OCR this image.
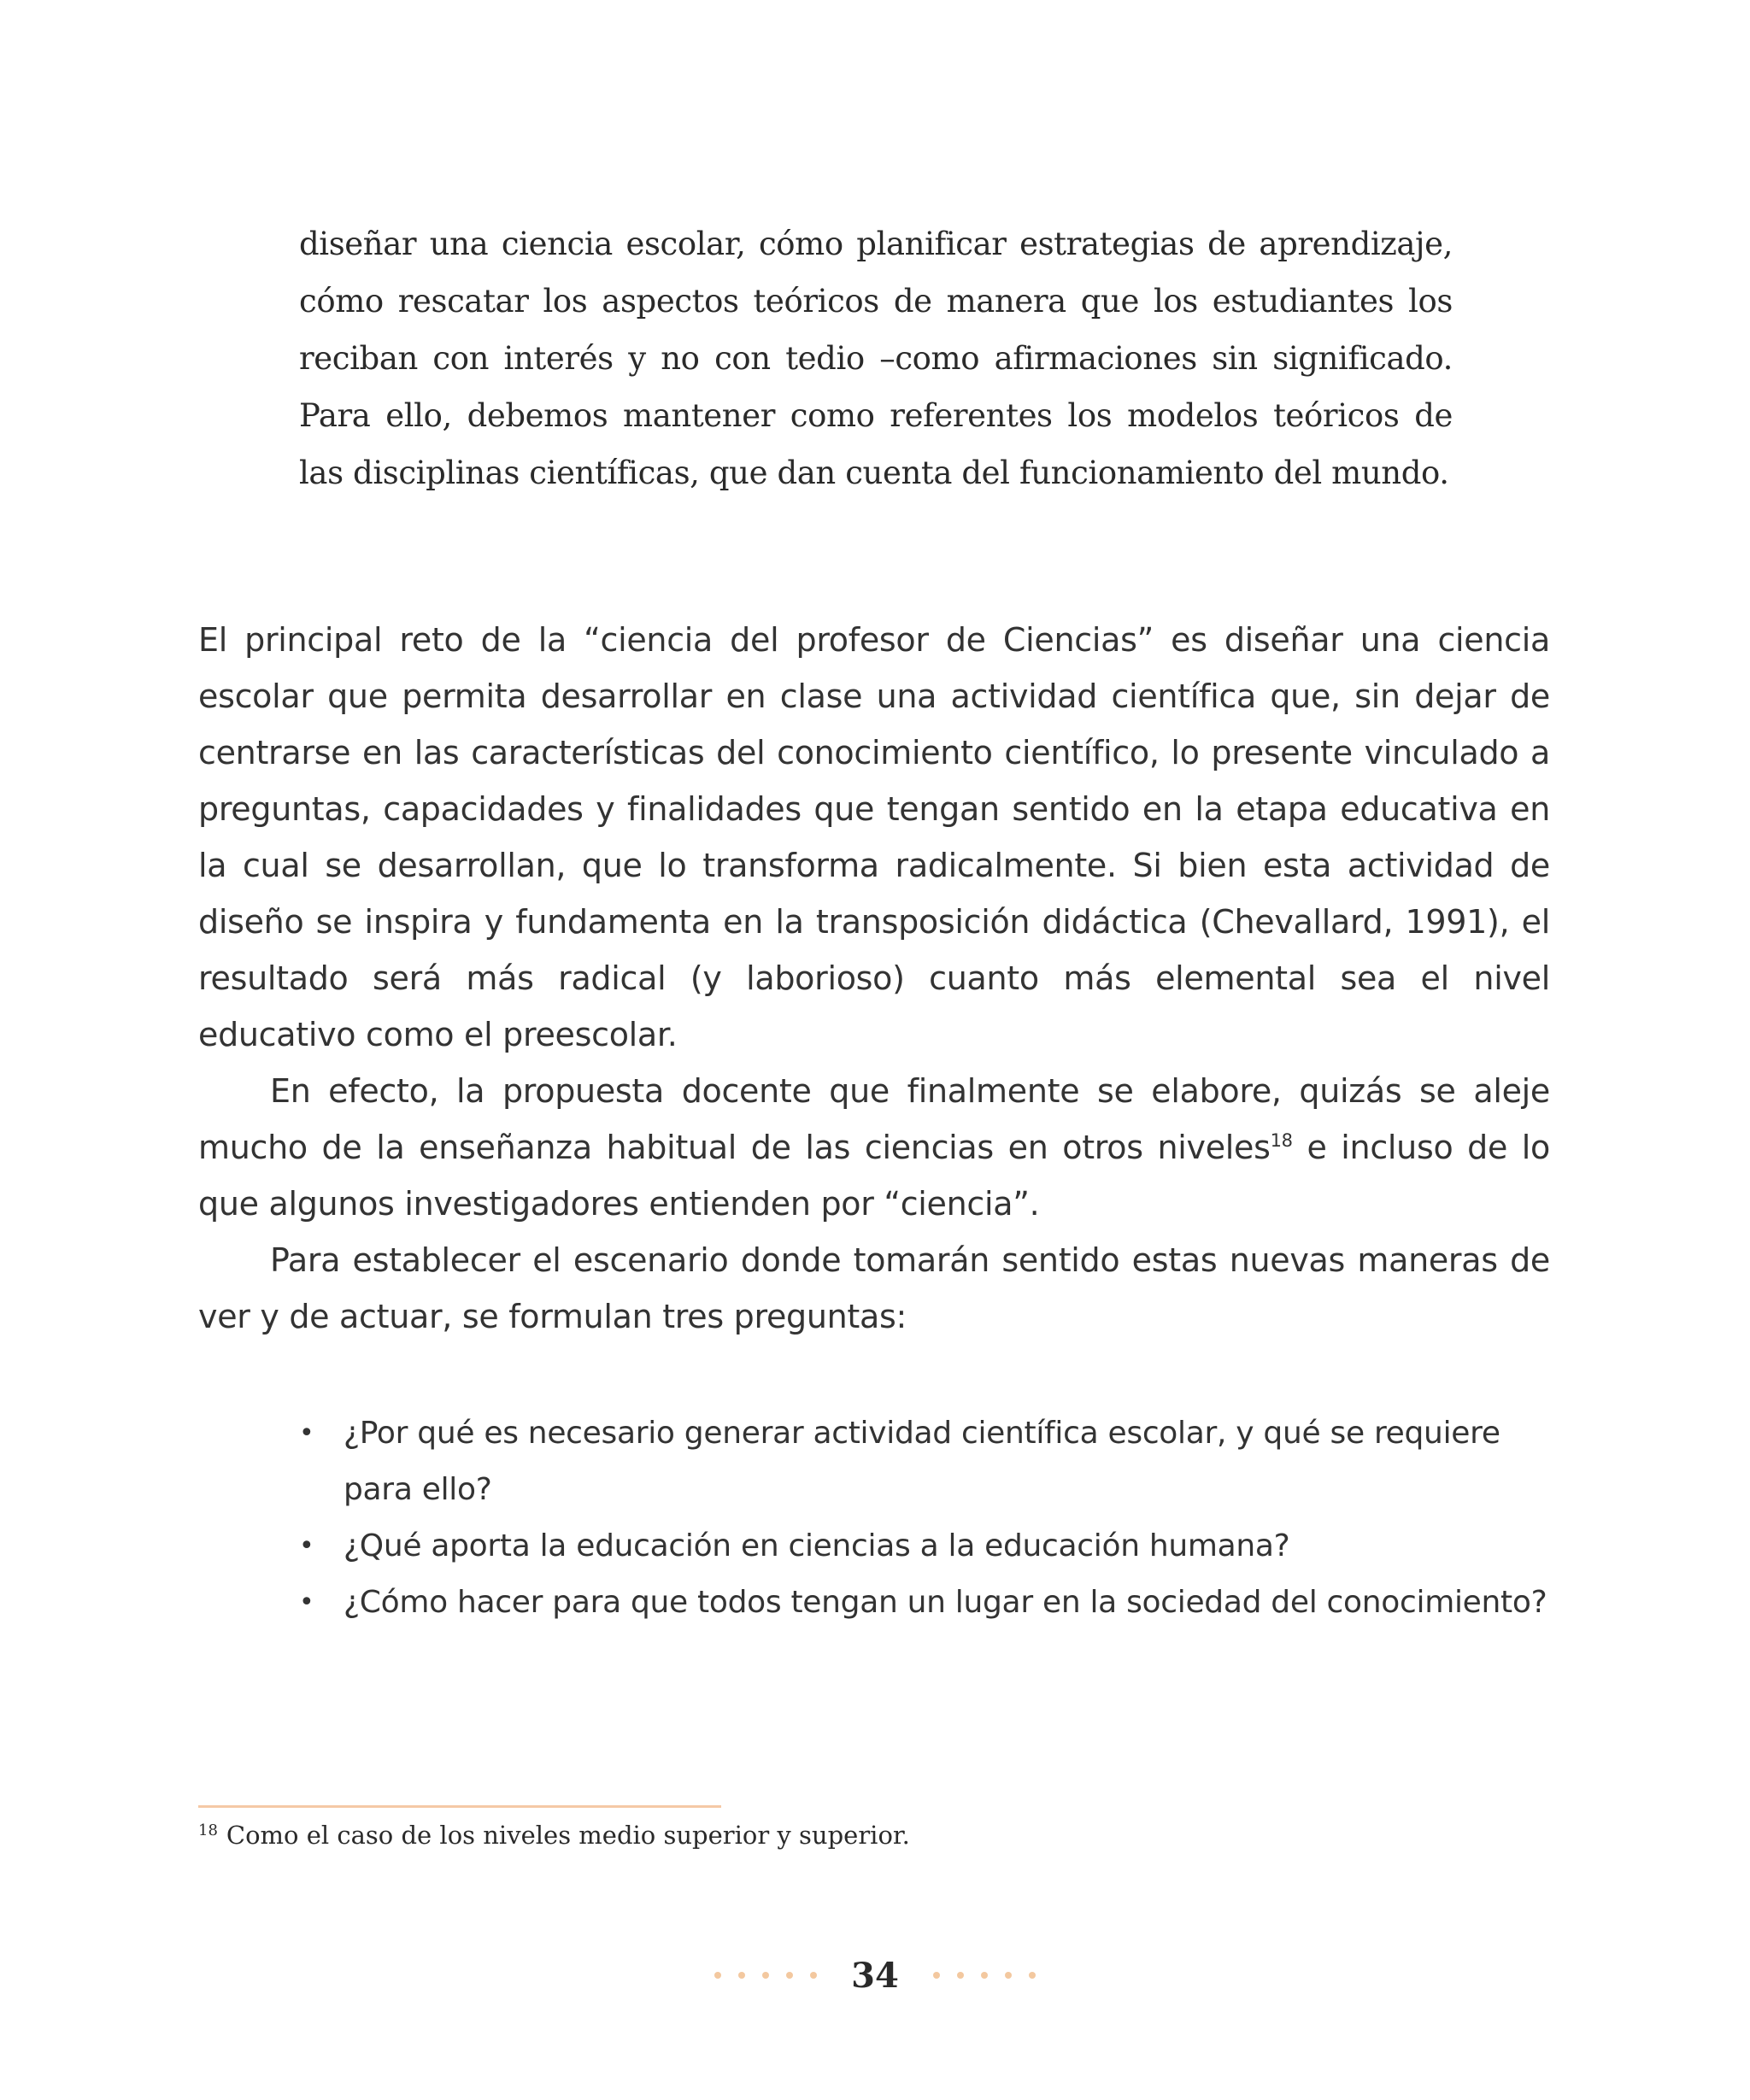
diseñar una ciencia escolar, cómo planificar estrategias de aprendizaje, cómo rescatar los aspectos teóricos de manera que los estudiantes los reciban con interés y no con tedio –como afirmaciones sin significado. Para ello, debemos mantener como referentes los modelos teóricos de las disciplinas científicas, que dan cuenta del funcionamiento del mundo.

El principal reto de la “ciencia del profesor de Ciencias” es diseñar una ciencia escolar que permita desarrollar en clase una actividad científica que, sin dejar de centrarse en las características del conocimiento científico, lo presente vinculado a preguntas, capacidades y finalidades que tengan sentido en la etapa educativa en la cual se desarrollan, que lo transforma radicalmente. Si bien esta actividad de diseño se inspira y fundamenta en la transposición didáctica (Chevallard, 1991), el resultado será más radical (y laborioso) cuanto más elemental sea el nivel educativo como el preescolar.

En efecto, la propuesta docente que finalmente se elabore, quizás se aleje mucho de la enseñanza habitual de las ciencias en otros niveles$^{18}$ e incluso de lo que algunos investigadores entienden por “ciencia”.

Para establecer el escenario donde tomarán sentido estas nuevas maneras de ver y de actuar, se formulan tres preguntas:

• ¿Por qué es necesario generar actividad científica escolar, y qué se requiere para ello?
• ¿Qué aporta la educación en ciencias a la educación humana?
• ¿Cómo hacer para que todos tengan un lugar en la sociedad del conocimiento?
$^{18}$ Como el caso de los niveles medio superior y superior.
34
